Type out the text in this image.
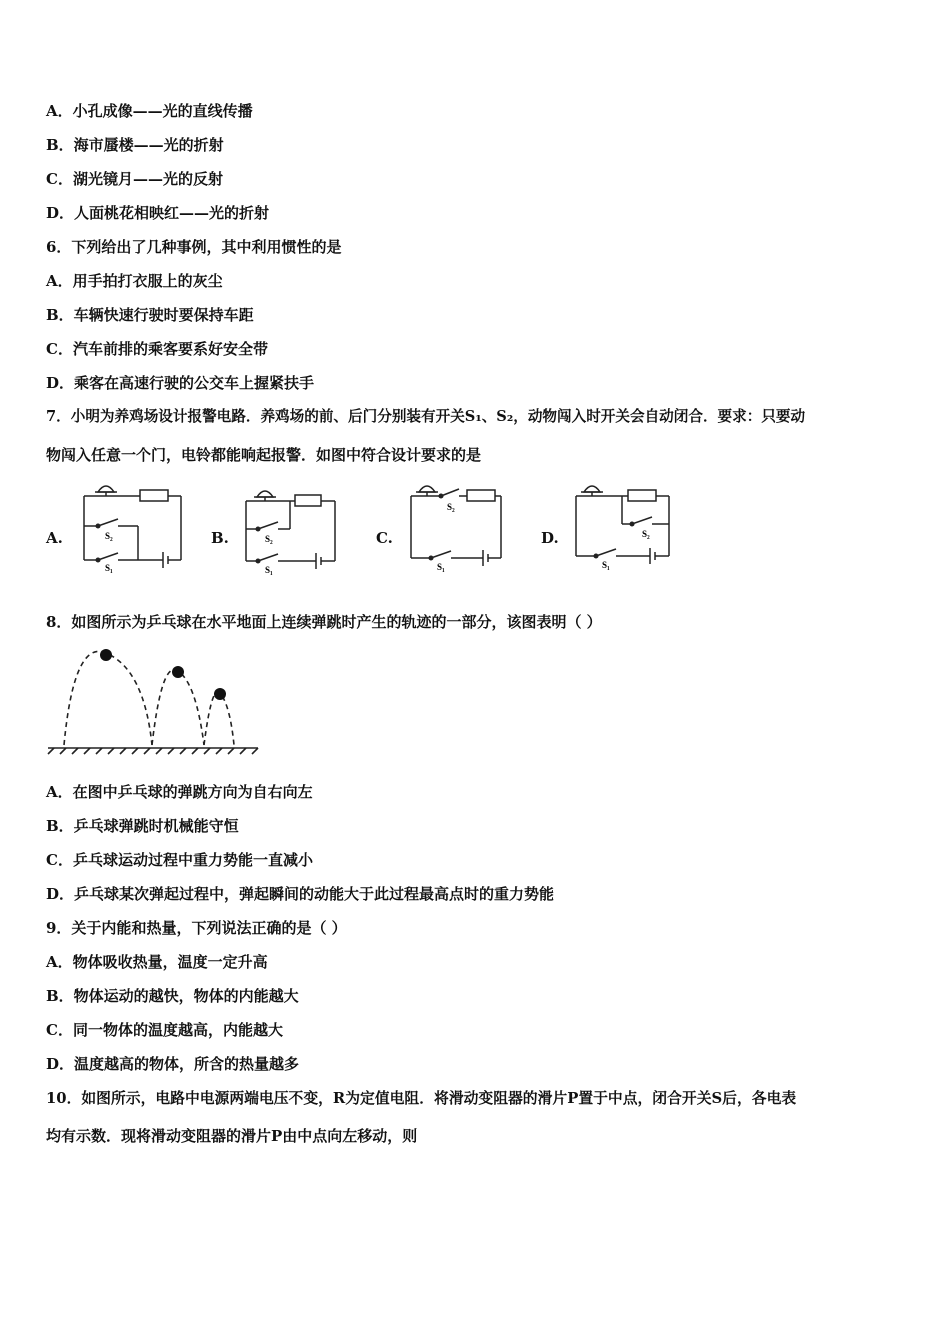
A．小孔成像——光的直线传播
B．海市蜃楼——光的折射
C．湖光镜月——光的反射
D．人面桃花相映红——光的折射
6．下列给出了几种事例，其中利用惯性的是
A．用手拍打衣服上的灰尘
B．车辆快速行驶时要保持车距
C．汽车前排的乘客要系好安全带
D．乘客在高速行驶的公交车上握紧扶手
7．小明为养鸡场设计报警电路．养鸡场的前、后门分别装有开关S₁、S₂，动物闯入时开关会自动闭合．要求：只要动
物闯入任意一个门，电铃都能响起报警．如图中符合设计要求的是
A.	S₂
S₁
B.	S₂
S₁
C.
S₂
S₁
D.	S₂
S₁
8．如图所示为乒乓球在水平地面上连续弹跳时产生的轨迹的一部分，该图表明（ ）
A．在图中乒乓球的弹跳方向为自右向左
B．乒乓球弹跳时机械能守恒
C．乒乓球运动过程中重力势能一直减小
D．乒乓球某次弹起过程中，弹起瞬间的动能大于此过程最高点时的重力势能
9．关于内能和热量，下列说法正确的是（ ）
A．物体吸收热量，温度一定升高
B．物体运动的越快，物体的内能越大
C．同一物体的温度越高，内能越大
D．温度越高的物体，所含的热量越多
10．如图所示，电路中电源两端电压不变，R为定值电阻．将滑动变阻器的滑片P置于中点，闭合开关S后，各电表
均有示数．现将滑动变阻器的滑片P由中点向左移动，则
